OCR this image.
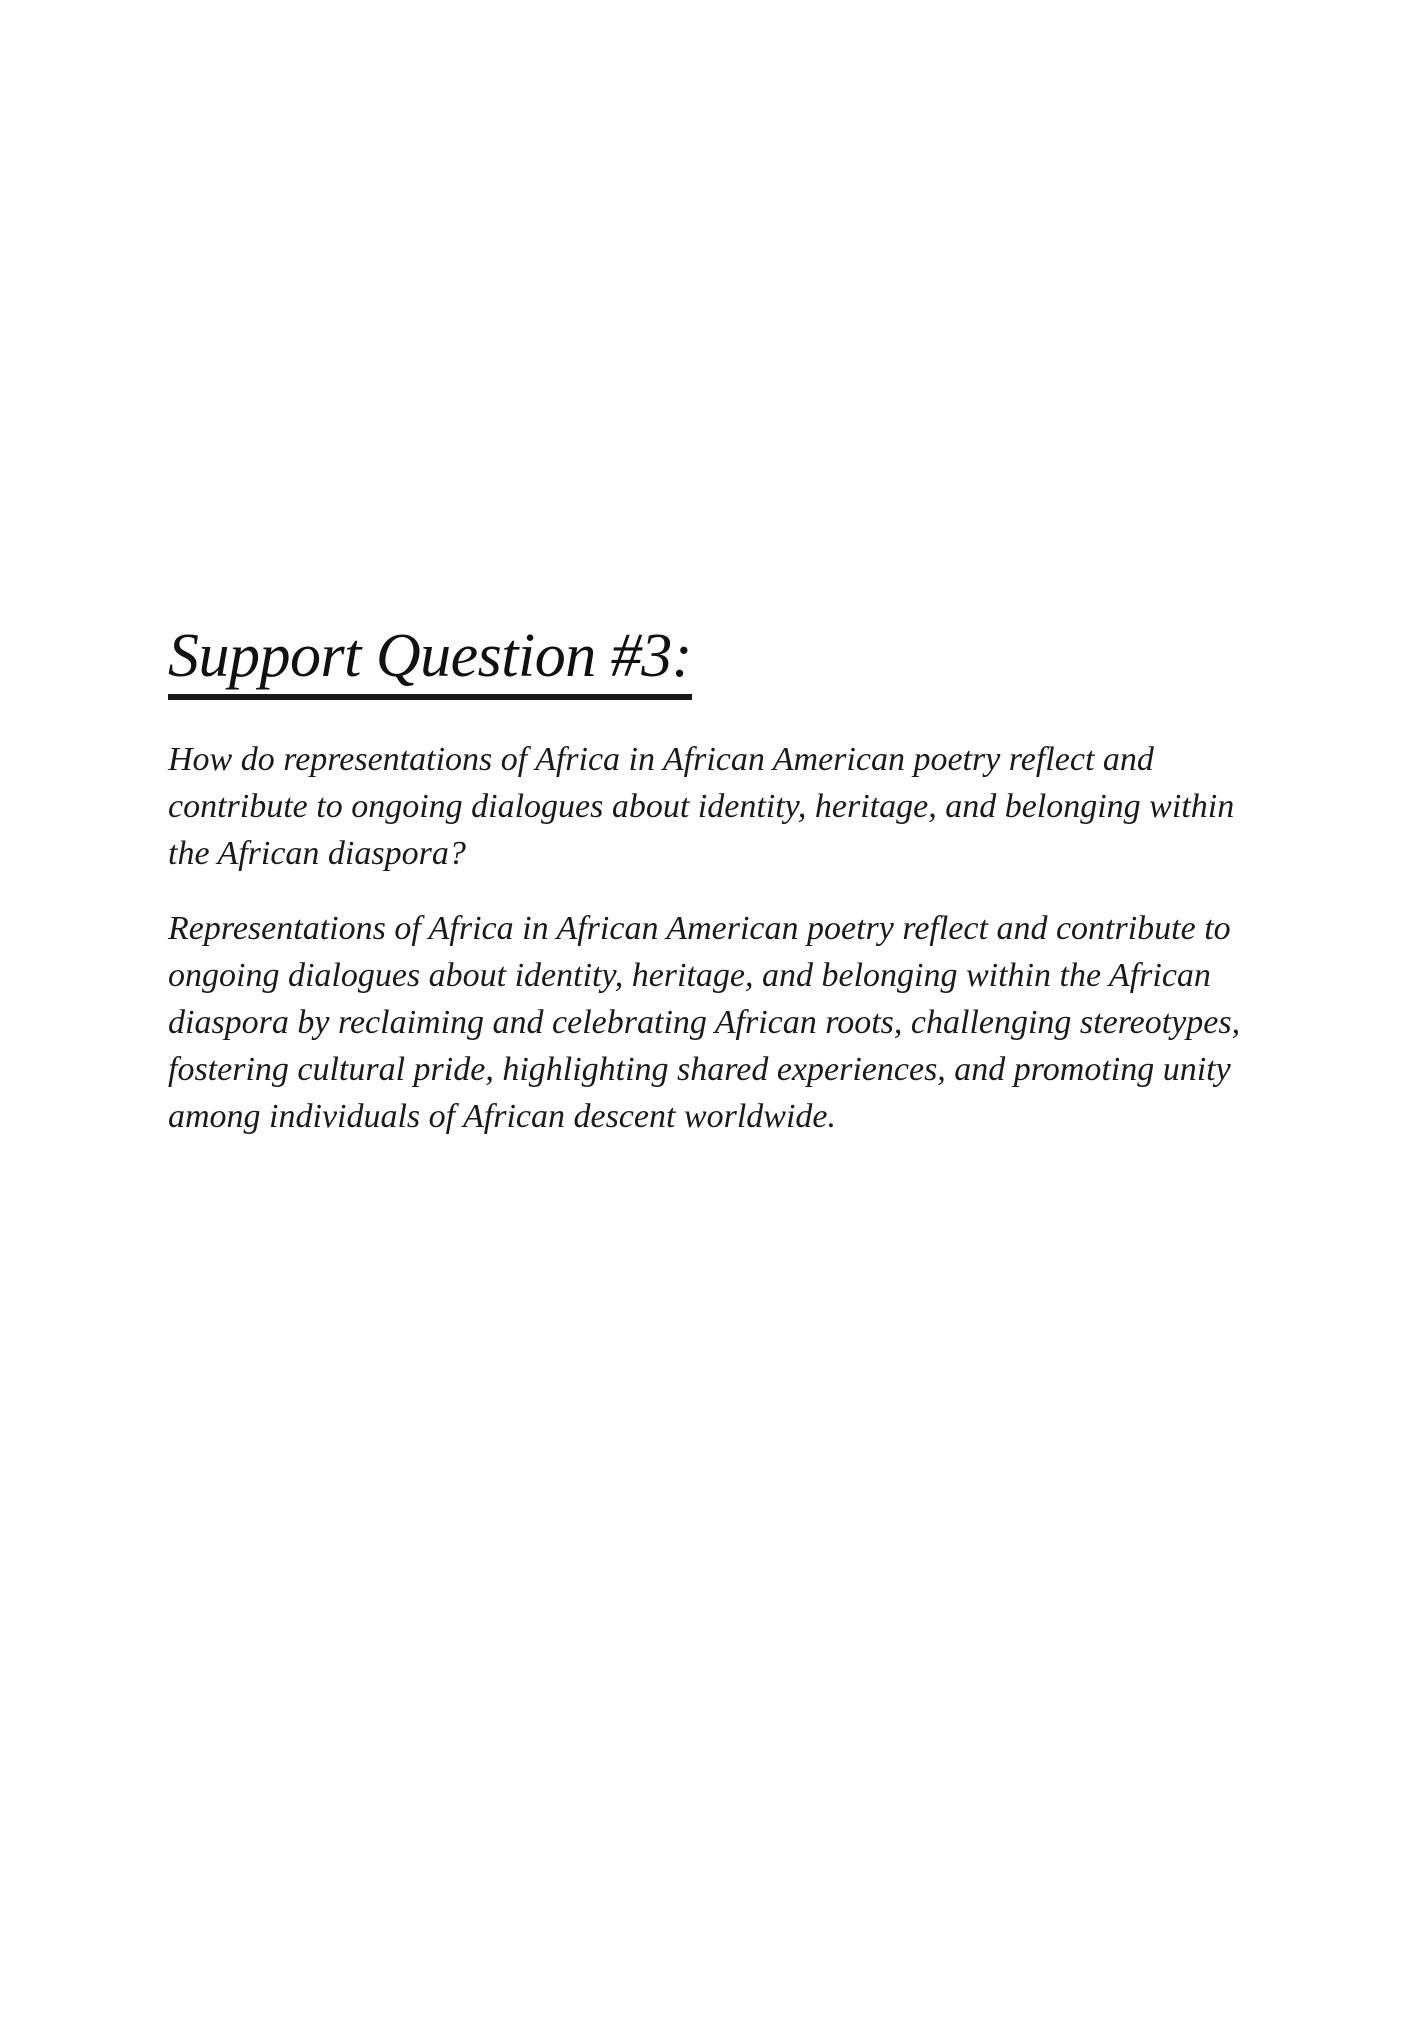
Support Question #3:

How do representations of Africa in African American poetry reflect and contribute to ongoing dialogues about identity, heritage, and belonging within the African diaspora?

Representations of Africa in African American poetry reflect and contribute to ongoing dialogues about identity, heritage, and belonging within the African diaspora by reclaiming and celebrating African roots, challenging stereotypes, fostering cultural pride, highlighting shared experiences, and promoting unity among individuals of African descent worldwide.
